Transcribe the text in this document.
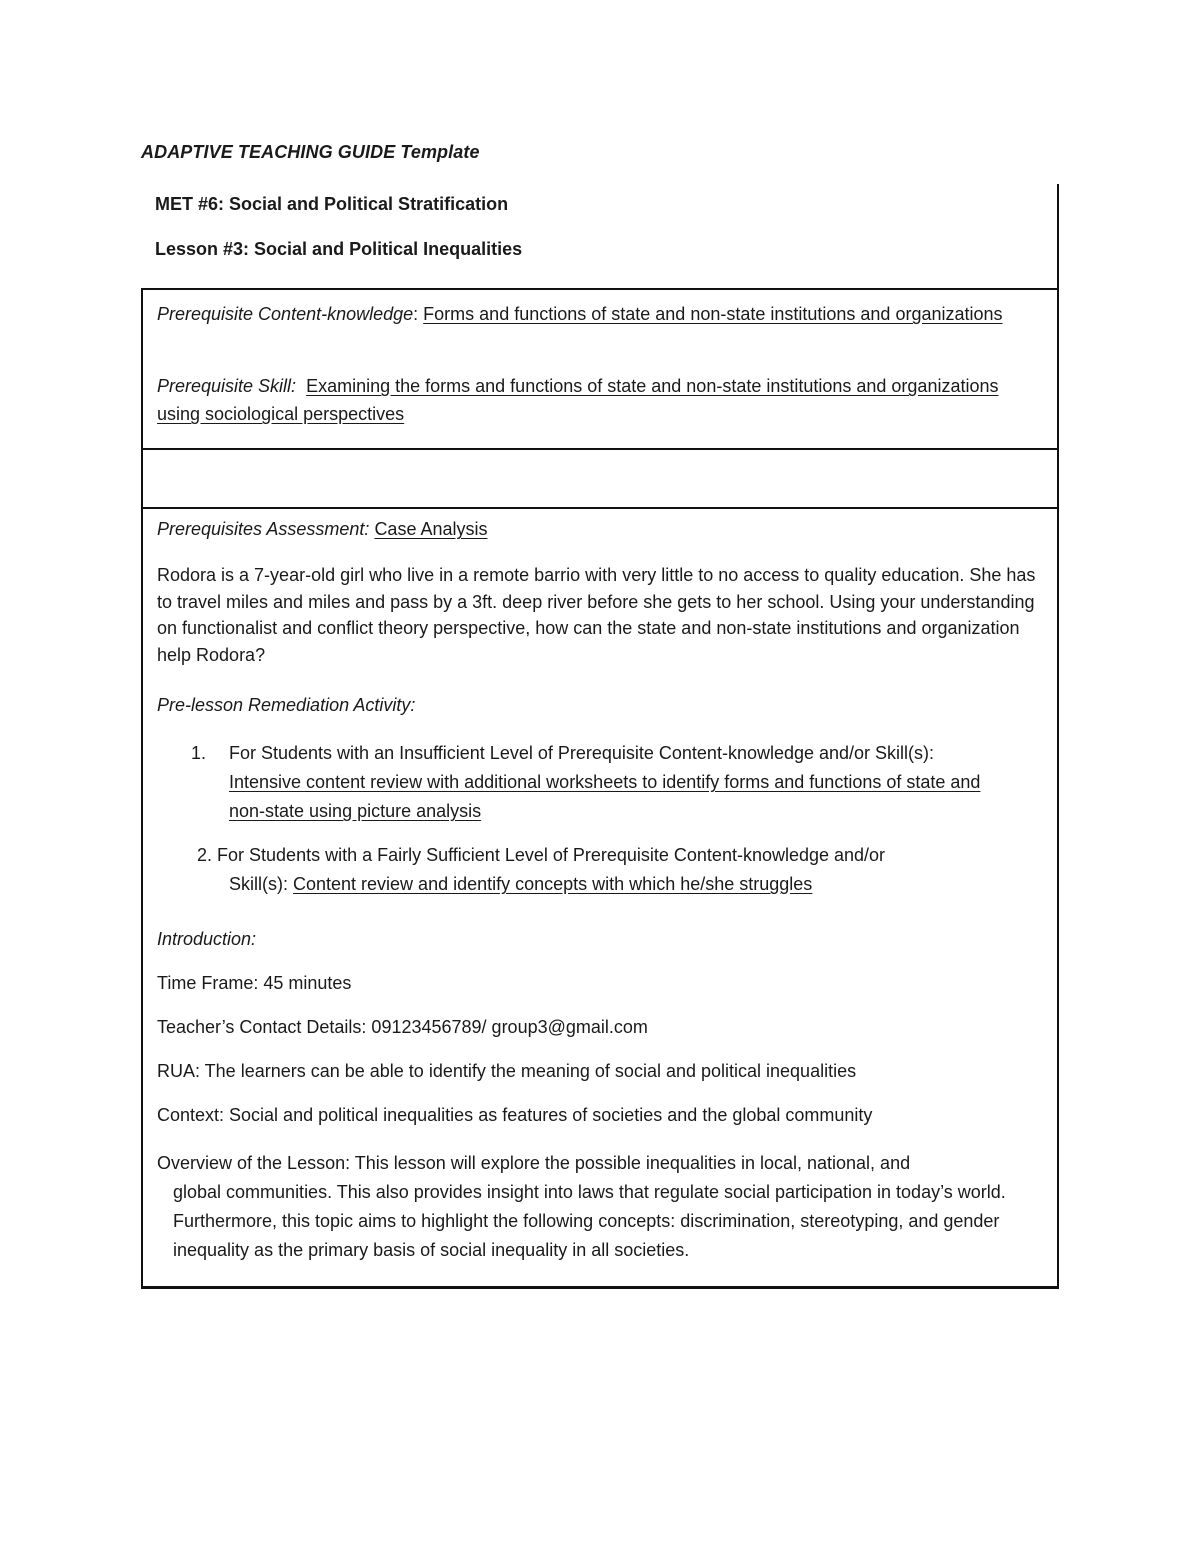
ADAPTIVE TEACHING GUIDE Template

MET #6: Social and Political Stratification

Lesson #3: Social and Political Inequalities

Prerequisite Content-knowledge: Forms and functions of state and non-state institutions and organizations

Prerequisite Skill: Examining the forms and functions of state and non-state institutions and organizations using sociological perspectives

Prerequisites Assessment: Case Analysis

Rodora is a 7-year-old girl who live in a remote barrio with very little to no access to quality education. She has to travel miles and miles and pass by a 3ft. deep river before she gets to her school. Using your understanding on functionalist and conflict theory perspective, how can the state and non-state institutions and organization help Rodora?

Pre-lesson Remediation Activity:

1. For Students with an Insufficient Level of Prerequisite Content-knowledge and/or Skill(s): Intensive content review with additional worksheets to identify forms and functions of state and non-state using picture analysis
2. For Students with a Fairly Sufficient Level of Prerequisite Content-knowledge and/or
Skill(s): Content review and identify concepts with which he/she struggles

Introduction:

Time Frame: 45 minutes

Teacher’s Contact Details: 09123456789/ group3@gmail.com

RUA: The learners can be able to identify the meaning of social and political inequalities

Context: Social and political inequalities as features of societies and the global community

Overview of the Lesson: This lesson will explore the possible inequalities in local, national, and
global communities. This also provides insight into laws that regulate social participation in today’s world. Furthermore, this topic aims to highlight the following concepts: discrimination, stereotyping, and gender inequality as the primary basis of social inequality in all societies.
